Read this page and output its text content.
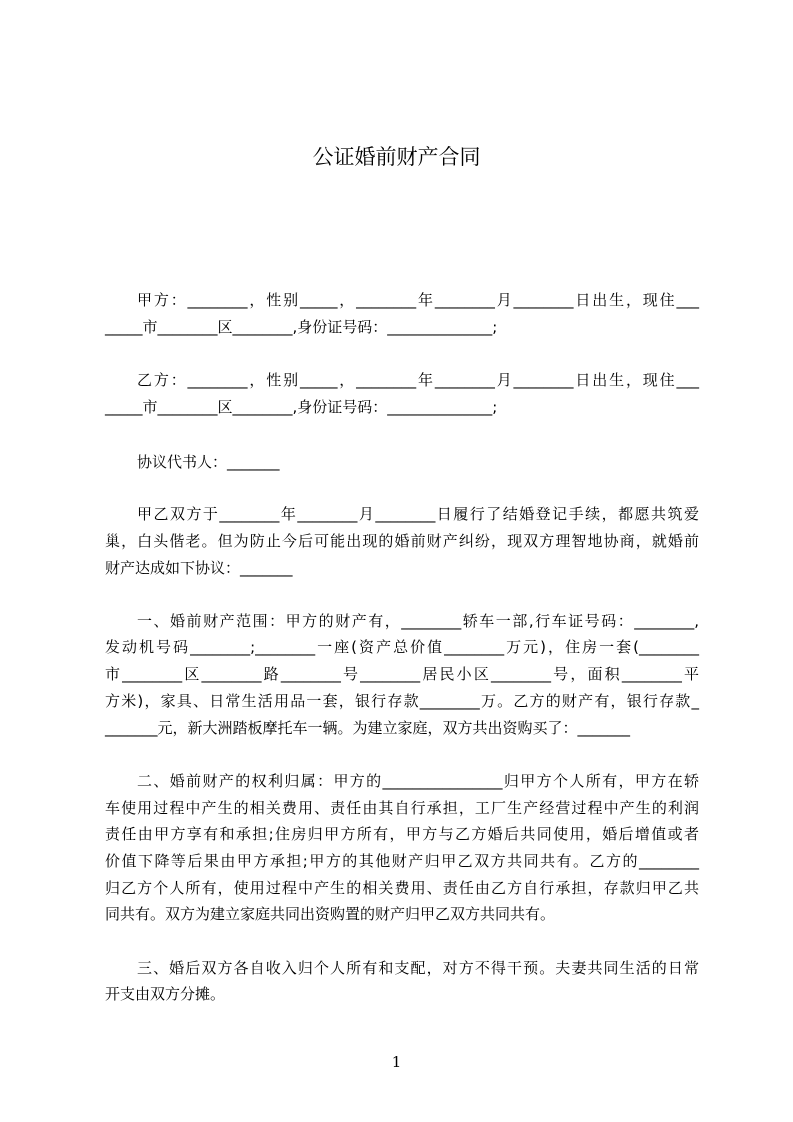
公证婚前财产合同
甲方：________，性别_____，________年________月________日出生，现住___
_____市________区________,身份证号码：______________;
乙方：________，性别_____，________年________月________日出生，现住___
_____市________区________,身份证号码：______________;
协议代书人：_______
甲乙双方于________年________月________日履行了结婚登记手续，都愿共筑爱
巢，白头偕老。但为防止今后可能出现的婚前财产纠纷，现双方理智地协商，就婚前
财产达成如下协议：_______
一、婚前财产范围：甲方的财产有，________轿车一部,行车证号码：________,
发动机号码________;________一座(资产总价值________万元)，住房一套(________
市________区________路________号________居民小区________号，面积________平
方米)，家具、日常生活用品一套，银行存款________万。乙方的财产有，银行存款_
_______元，新大洲踏板摩托车一辆。为建立家庭，双方共出资购买了：_______
二、婚前财产的权利归属：甲方的________________归甲方个人所有，甲方在轿
车使用过程中产生的相关费用、责任由其自行承担，工厂生产经营过程中产生的利润
责任由甲方享有和承担;住房归甲方所有，甲方与乙方婚后共同使用，婚后增值或者
价值下降等后果由甲方承担;甲方的其他财产归甲乙双方共同共有。乙方的________
归乙方个人所有，使用过程中产生的相关费用、责任由乙方自行承担，存款归甲乙共
同共有。双方为建立家庭共同出资购置的财产归甲乙双方共同共有。
三、婚后双方各自收入归个人所有和支配，对方不得干预。夫妻共同生活的日常
开支由双方分摊。
1
